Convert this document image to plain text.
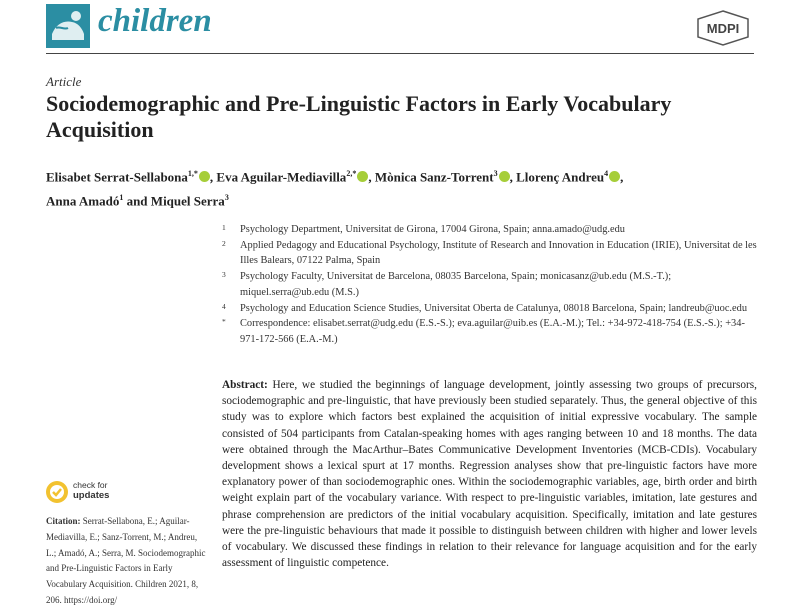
children	MDPI
Article
Sociodemographic and Pre-Linguistic Factors in Early Vocabulary Acquisition
Elisabet Serrat-Sellabona$^{1,*}$ , Eva Aguilar-Mediavilla$^{2,*}$ , Mònica Sanz-Torrent$^3$ , Llorenç Andreu$^4$ ,
Anna Amadó$^1$ and Miquel Serra$^3$
1 Psychology Department, Universitat de Girona, 17004 Girona, Spain; anna.amado@udg.edu
2 Applied Pedagogy and Educational Psychology, Institute of Research and Innovation in Education (IRIE), Universitat de les Illes Balears, 07122 Palma, Spain
3 Psychology Faculty, Universitat de Barcelona, 08035 Barcelona, Spain; monicasanz@ub.edu (M.S.-T.); miquel.serra@ub.edu (M.S.)
4 Psychology and Education Science Studies, Universitat Oberta de Catalunya, 08018 Barcelona, Spain; landreub@uoc.edu
* Correspondence: elisabet.serrat@udg.edu (E.S.-S.); eva.aguilar@uib.es (E.A.-M.); Tel.: +34-972-418-754 (E.S.-S.); +34-971-172-566 (E.A.-M.)
Abstract: Here, we studied the beginnings of language development, jointly assessing two groups of precursors, sociodemographic and pre-linguistic, that have previously been studied separately. Thus, the general objective of this study was to explore which factors best explained the acquisition of initial expressive vocabulary. The sample consisted of 504 participants from Catalan-speaking homes with ages ranging between 10 and 18 months. The data were obtained through the MacArthur–Bates Communicative Development Inventories (MCB-CDIs). Vocabulary development shows a lexical spurt at 17 months. Regression analyses show that pre-linguistic factors have more explanatory power of than sociodemographic ones. Within the sociodemographic variables, age, birth order and birth weight explain part of the vocabulary variance. With respect to pre-linguistic variables, imitation, late gestures and phrase comprehension are predictors of the initial vocabulary acquisition. Specifically, imitation and late gestures were the pre-linguistic behaviours that made it possible to distinguish between children with higher and lower levels of vocabulary. We discussed these findings in relation to their relevance for language acquisition and for the early assessment of linguistic competence.
check for
updates
Citation: Serrat-Sellabona, E.; Aguilar-Mediavilla, E.; Sanz-Torrent, M.; Andreu, L.; Amadó, A.; Serra, M. Sociodemographic and Pre-Linguistic Factors in Early Vocabulary Acquisition. Children 2021, 8, 206. https://doi.org/
